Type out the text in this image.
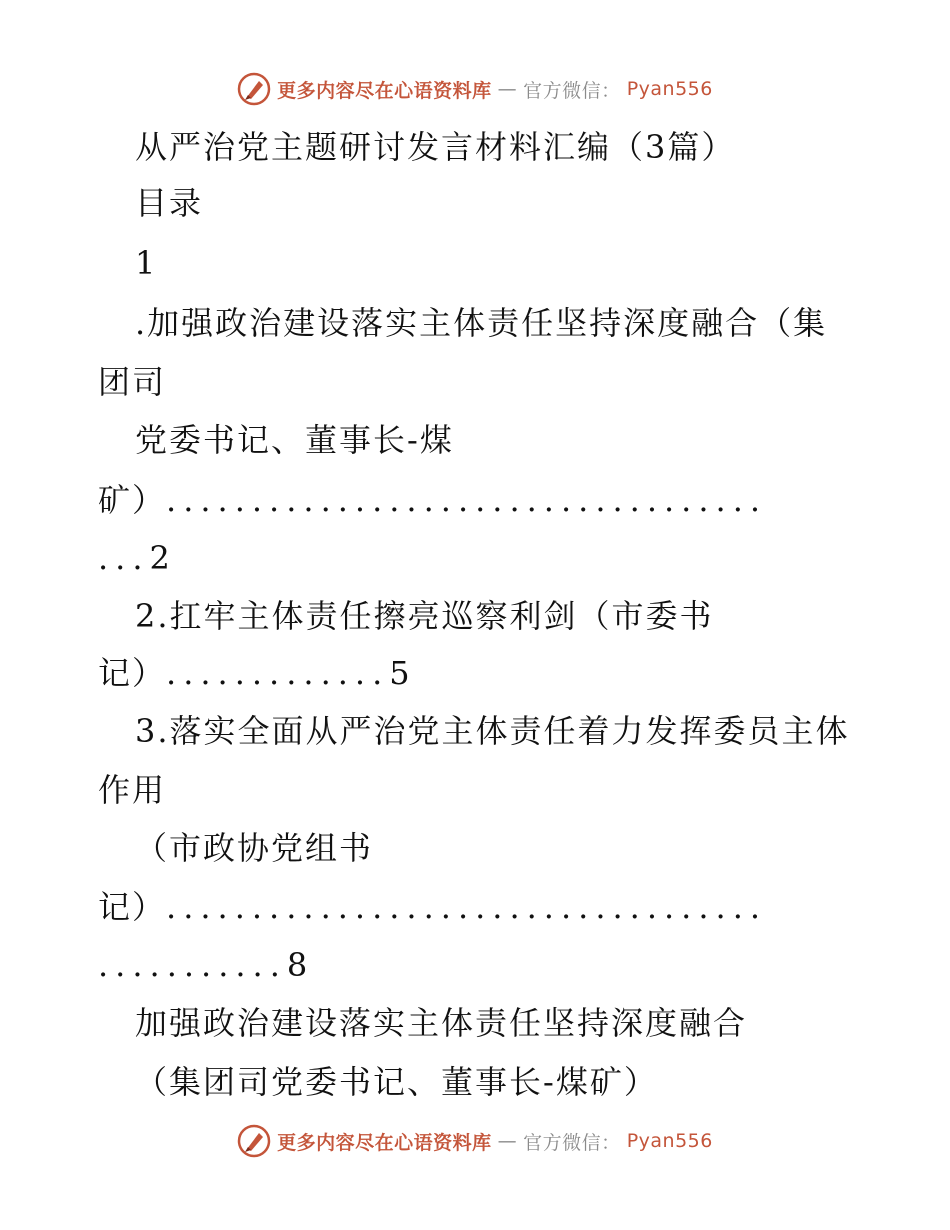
更多内容尽在心语资料库 — 官方微信： Pyan556
从严治党主题研讨发言材料汇编（3篇）
目录
1
.加强政治建设落实主体责任坚持深度融合（集
团司
党委书记、董事长-煤
矿）...................................
...2
2.扛牢主体责任擦亮巡察利剑（市委书
记）.............5
3.落实全面从严治党主体责任着力发挥委员主体
作用
（市政协党组书
记）...................................
...........8
加强政治建设落实主体责任坚持深度融合
（集团司党委书记、董事长-煤矿）
更多内容尽在心语资料库 — 官方微信： Pyan556
